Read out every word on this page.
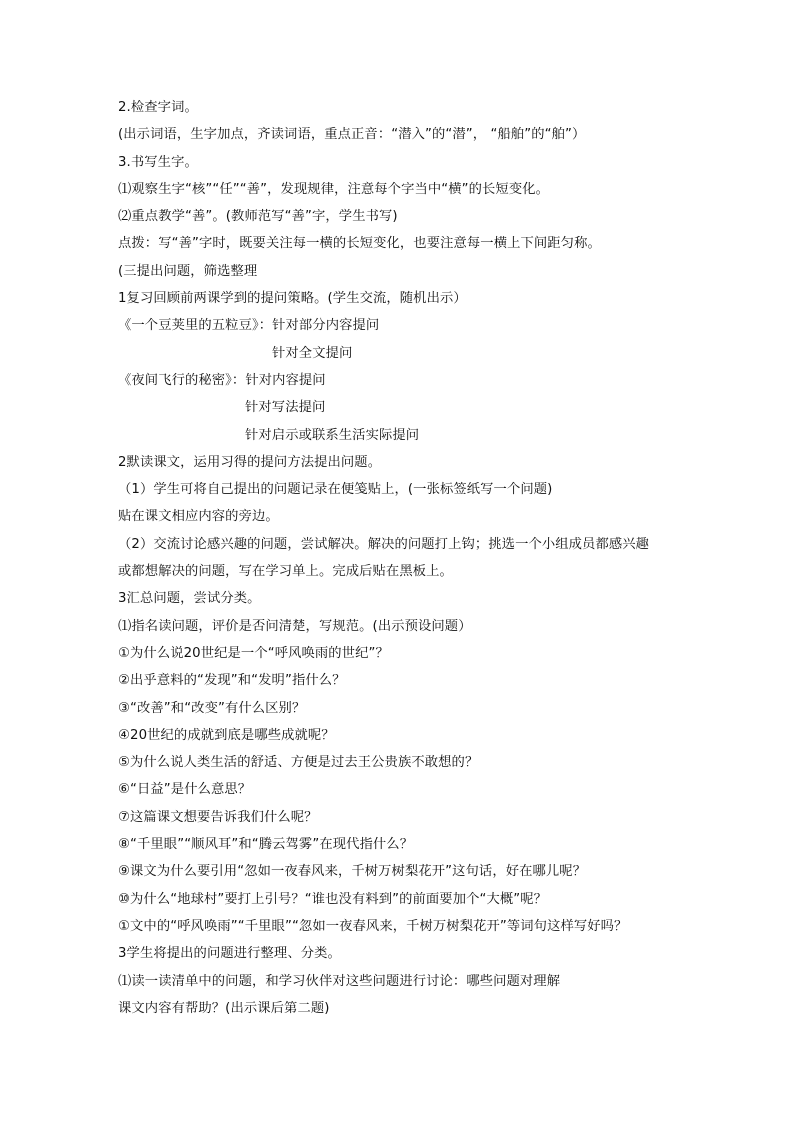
2.检查字词。
(出示词语，生字加点，齐读词语，重点正音：“潜入”的“潜”， “船舶”的“舶”）
3.书写生字。
⑴观察生字“核”“任”“善”，发现规律，注意每个字当中“横”的长短变化。
⑵重点教学“善”。(教师范写“善”字，学生书写)
点拨：写“善”字时，既要关注每一横的长短变化，也要注意每一横上下间距匀称。
(三提出问题，筛选整理
1复习回顾前两课学到的提问策略。(学生交流，随机出示）
《一个豆荚里的五粒豆》：针对部分内容提问
针对全文提问
《夜间飞行的秘密》：针对内容提问
针对写法提问
针对启示或联系生活实际提问
2默读课文，运用习得的提问方法提出问题。
（1）学生可将自己提出的问题记录在便笺贴上，(一张标签纸写一个问题)
贴在课文相应内容的旁边。
（2）交流讨论感兴趣的问题，尝试解决。解决的问题打上钩；挑选一个小组成员都感兴趣
或都想解决的问题，写在学习单上。完成后贴在黑板上。
3汇总问题，尝试分类。
⑴指名读问题，评价是否问清楚，写规范。(出示预设问题）
①为什么说20世纪是一个“呼风唤雨的世纪”？
②出乎意料的“发现”和“发明”指什么？
③“改善”和“改变”有什么区别？
④20世纪的成就到底是哪些成就呢？
⑤为什么说人类生活的舒适、方便是过去王公贵族不敢想的？
⑥“日益”是什么意思？
⑦这篇课文想要告诉我们什么呢？
⑧“千里眼”“顺风耳”和“腾云驾雾”在现代指什么？
⑨课文为什么要引用“忽如一夜春风来，千树万树梨花开”这句话，好在哪儿呢？
⑩为什么“地球村”要打上引号？“谁也没有料到”的前面要加个“大概”呢？
①文中的“呼风唤雨”“千里眼”“忽如一夜春风来，千树万树梨花开”等词句这样写好吗？
3学生将提出的问题进行整理、分类。
⑴读一读清单中的问题，和学习伙伴对这些问题进行讨论：哪些问题对理解
课文内容有帮助？(出示课后第二题)
